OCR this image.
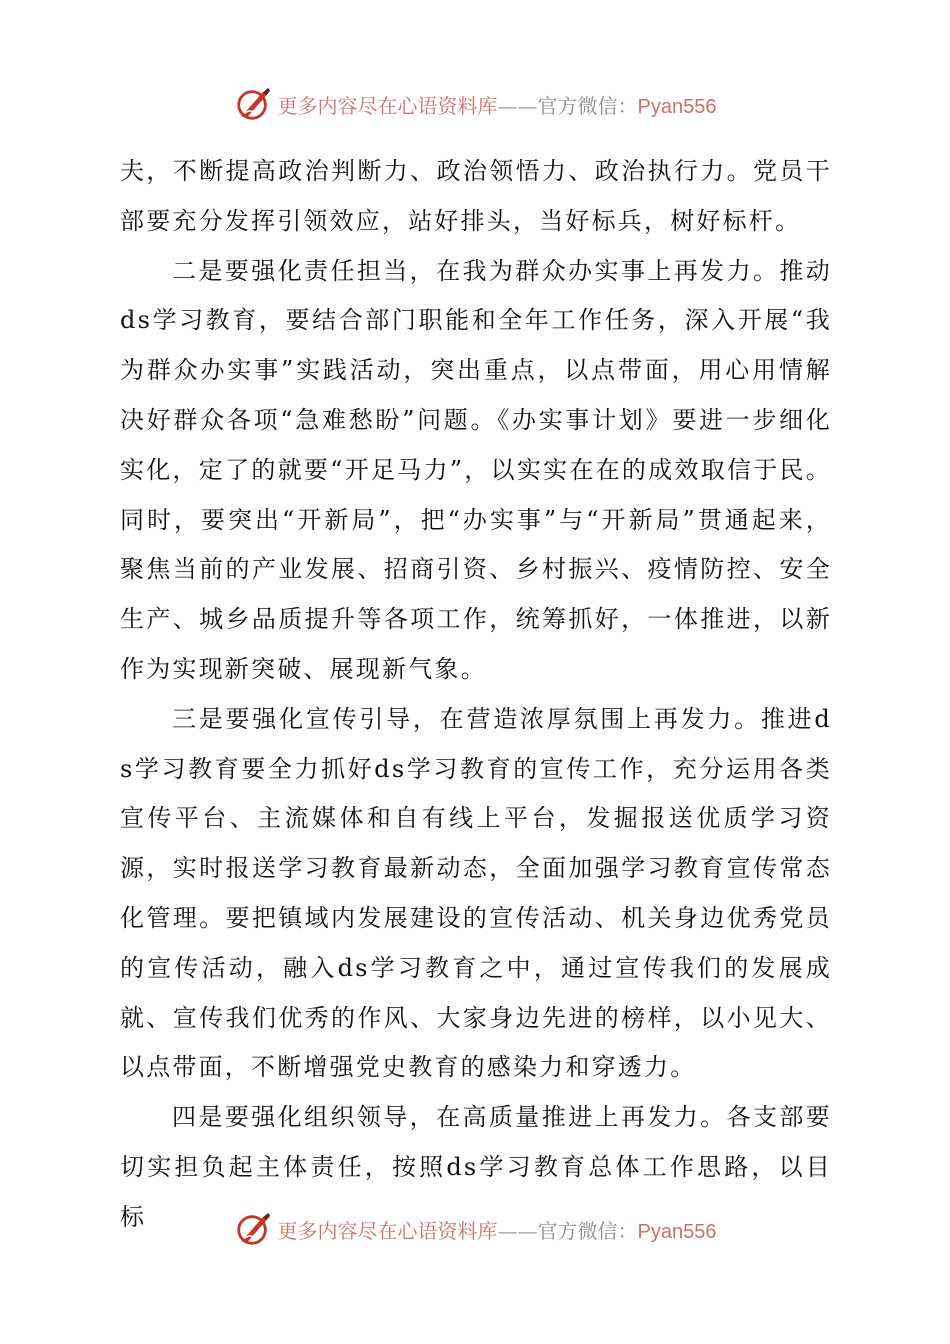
更多内容尽在心语资料库——官方微信：Pyan556

夫，不断提高政治判断力、政治领悟力、政治执行力。党员干部要充分发挥引领效应，站好排头，当好标兵，树好标杆。

二是要强化责任担当，在我为群众办实事上再发力。推动ds学习教育，要结合部门职能和全年工作任务，深入开展“我为群众办实事”实践活动，突出重点，以点带面，用心用情解决好群众各项“急难愁盼”问题。《办实事计划》要进一步细化实化，定了的就要“开足马力”，以实实在在的成效取信于民。同时，要突出“开新局”，把“办实事”与“开新局”贯通起来，聚焦当前的产业发展、招商引资、乡村振兴、疫情防控、安全生产、城乡品质提升等各项工作，统筹抓好，一体推进，以新作为实现新突破、展现新气象。

三是要强化宣传引导，在营造浓厚氛围上再发力。推进ds学习教育要全力抓好ds学习教育的宣传工作，充分运用各类宣传平台、主流媒体和自有线上平台，发掘报送优质学习资源，实时报送学习教育最新动态，全面加强学习教育宣传常态化管理。要把镇域内发展建设的宣传活动、机关身边优秀党员的宣传活动，融入ds学习教育之中，通过宣传我们的发展成就、宣传我们优秀的作风、大家身边先进的榜样，以小见大、以点带面，不断增强党史教育的感染力和穿透力。

四是要强化组织领导，在高质量推进上再发力。各支部要切实担负起主体责任，按照ds学习教育总体工作思路，以目标	更多内容尽在心语资料库——官方微信：Pyan556
